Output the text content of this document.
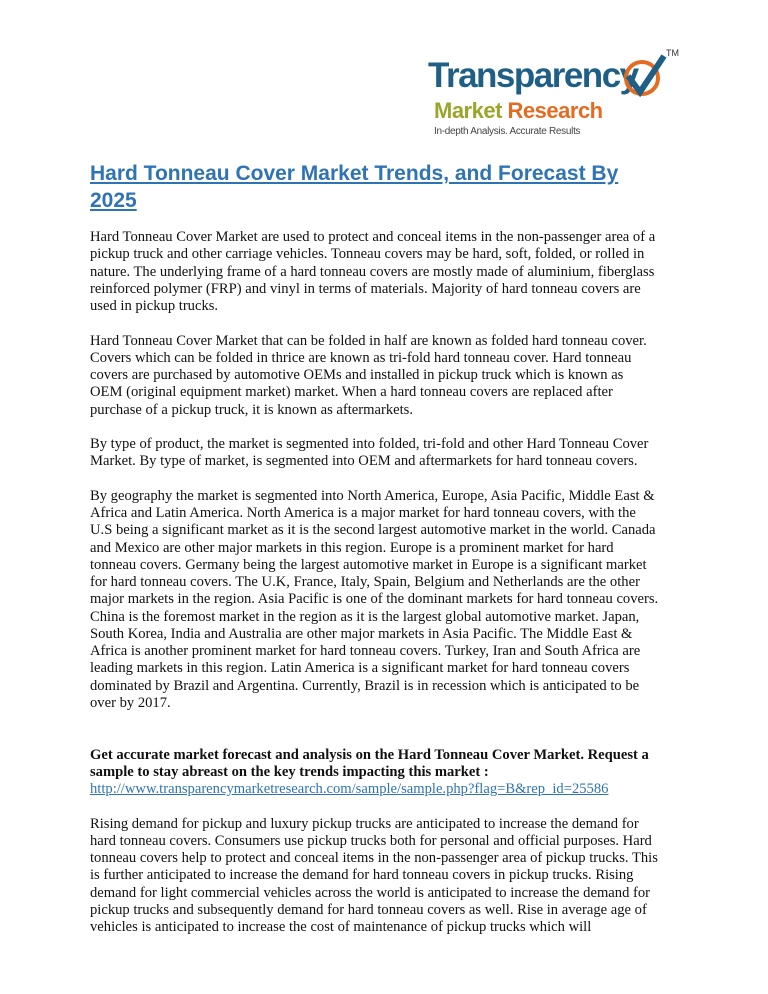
Transparency
TM
Market Research
In-depth Analysis. Accurate Results
Hard Tonneau Cover Market Trends, and Forecast By
2025
Hard Tonneau Cover Market are used to protect and conceal items in the non-passenger area of a
pickup truck and other carriage vehicles. Tonneau covers may be hard, soft, folded, or rolled in
nature. The underlying frame of a hard tonneau covers are mostly made of aluminium, fiberglass
reinforced polymer (FRP) and vinyl in terms of materials. Majority of hard tonneau covers are
used in pickup trucks.
Hard Tonneau Cover Market that can be folded in half are known as folded hard tonneau cover.
Covers which can be folded in thrice are known as tri-fold hard tonneau cover. Hard tonneau
covers are purchased by automotive OEMs and installed in pickup truck which is known as
OEM (original equipment market) market. When a hard tonneau covers are replaced after
purchase of a pickup truck, it is known as aftermarkets.
By type of product, the market is segmented into folded, tri-fold and other Hard Tonneau Cover
Market. By type of market, is segmented into OEM and aftermarkets for hard tonneau covers.
By geography the market is segmented into North America, Europe, Asia Pacific, Middle East &
Africa and Latin America. North America is a major market for hard tonneau covers, with the
U.S being a significant market as it is the second largest automotive market in the world. Canada
and Mexico are other major markets in this region. Europe is a prominent market for hard
tonneau covers. Germany being the largest automotive market in Europe is a significant market
for hard tonneau covers. The U.K, France, Italy, Spain, Belgium and Netherlands are the other
major markets in the region. Asia Pacific is one of the dominant markets for hard tonneau covers.
China is the foremost market in the region as it is the largest global automotive market. Japan,
South Korea, India and Australia are other major markets in Asia Pacific. The Middle East &
Africa is another prominent market for hard tonneau covers. Turkey, Iran and South Africa are
leading markets in this region. Latin America is a significant market for hard tonneau covers
dominated by Brazil and Argentina. Currently, Brazil is in recession which is anticipated to be
over by 2017.
Get accurate market forecast and analysis on the Hard Tonneau Cover Market. Request a
sample to stay abreast on the key trends impacting this market :
http://www.transparencymarketresearch.com/sample/sample.php?flag=B&rep_id=25586
Rising demand for pickup and luxury pickup trucks are anticipated to increase the demand for
hard tonneau covers. Consumers use pickup trucks both for personal and official purposes. Hard
tonneau covers help to protect and conceal items in the non-passenger area of pickup trucks. This
is further anticipated to increase the demand for hard tonneau covers in pickup trucks. Rising
demand for light commercial vehicles across the world is anticipated to increase the demand for
pickup trucks and subsequently demand for hard tonneau covers as well. Rise in average age of
vehicles is anticipated to increase the cost of maintenance of pickup trucks which will
